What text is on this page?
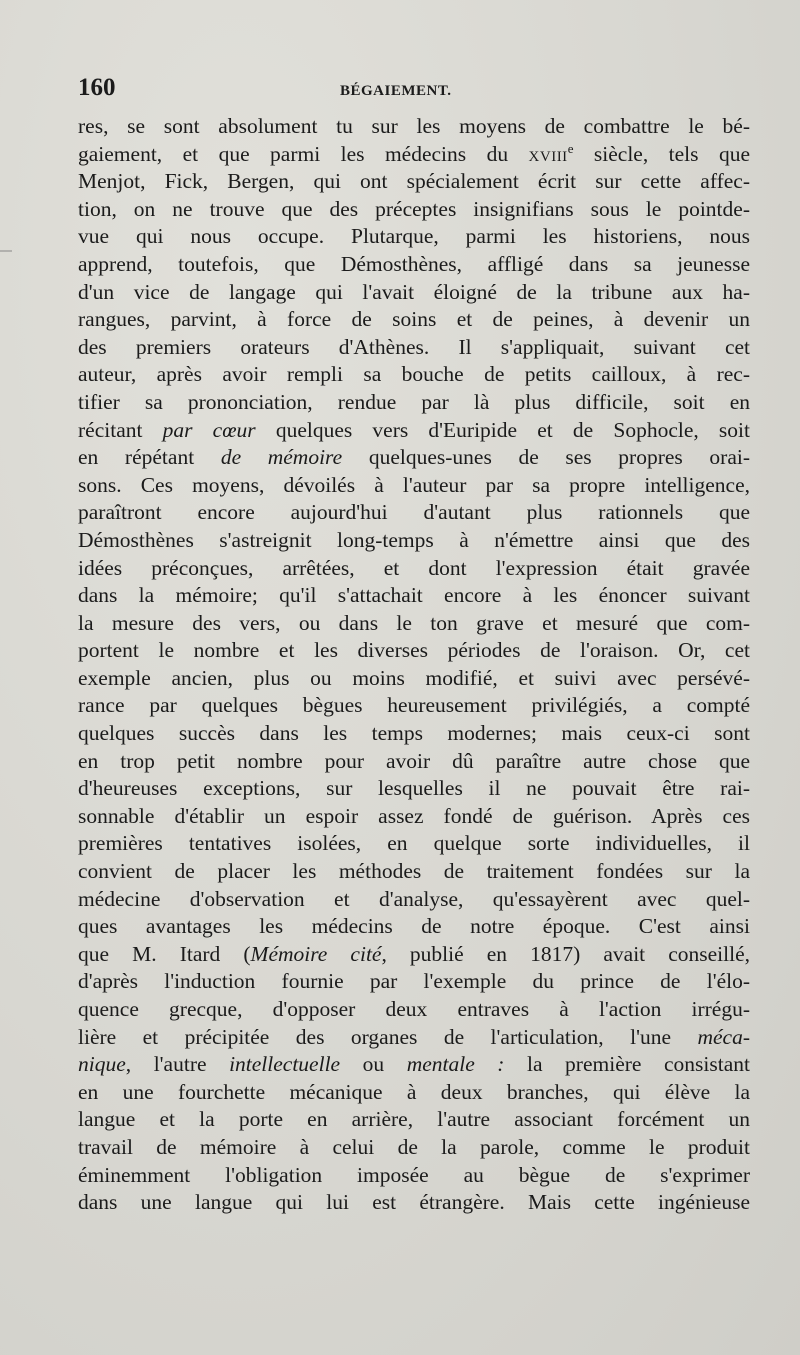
160	BÉGAIEMENT.
res, se sont absolument tu sur les moyens de combattre le bé-
gaiement, et que parmi les médecins du XVIIIe siècle, tels que
Menjot, Fick, Bergen, qui ont spécialement écrit sur cette affec-
tion, on ne trouve que des préceptes insignifians sous le pointde-
vue qui nous occupe. Plutarque, parmi les historiens, nous
apprend, toutefois, que Démosthènes, affligé dans sa jeunesse
d'un vice de langage qui l'avait éloigné de la tribune aux ha-
rangues, parvint, à force de soins et de peines, à devenir un
des premiers orateurs d'Athènes. Il s'appliquait, suivant cet
auteur, après avoir rempli sa bouche de petits cailloux, à rec-
tifier sa prononciation, rendue par là plus difficile, soit en
récitant par cœur quelques vers d'Euripide et de Sophocle, soit
en répétant de mémoire quelques-unes de ses propres orai-
sons. Ces moyens, dévoilés à l'auteur par sa propre intelligence,
paraîtront encore aujourd'hui d'autant plus rationnels que
Démosthènes s'astreignit long-temps à n'émettre ainsi que des
idées préconçues, arrêtées, et dont l'expression était gravée
dans la mémoire; qu'il s'attachait encore à les énoncer suivant
la mesure des vers, ou dans le ton grave et mesuré que com-
portent le nombre et les diverses périodes de l'oraison. Or, cet
exemple ancien, plus ou moins modifié, et suivi avec persévé-
rance par quelques bègues heureusement privilégiés, a compté
quelques succès dans les temps modernes; mais ceux-ci sont
en trop petit nombre pour avoir dû paraître autre chose que
d'heureuses exceptions, sur lesquelles il ne pouvait être rai-
sonnable d'établir un espoir assez fondé de guérison. Après ces
premières tentatives isolées, en quelque sorte individuelles, il
convient de placer les méthodes de traitement fondées sur la
médecine d'observation et d'analyse, qu'essayèrent avec quel-
ques avantages les médecins de notre époque. C'est ainsi
que M. Itard (Mémoire cité, publié en 1817) avait conseillé,
d'après l'induction fournie par l'exemple du prince de l'élo-
quence grecque, d'opposer deux entraves à l'action irrégu-
lière et précipitée des organes de l'articulation, l'une méca-
nique, l'autre intellectuelle ou mentale : la première consistant
en une fourchette mécanique à deux branches, qui élève la
langue et la porte en arrière, l'autre associant forcément un
travail de mémoire à celui de la parole, comme le produit
éminemment l'obligation imposée au bègue de s'exprimer
dans une langue qui lui est étrangère. Mais cette ingénieuse
